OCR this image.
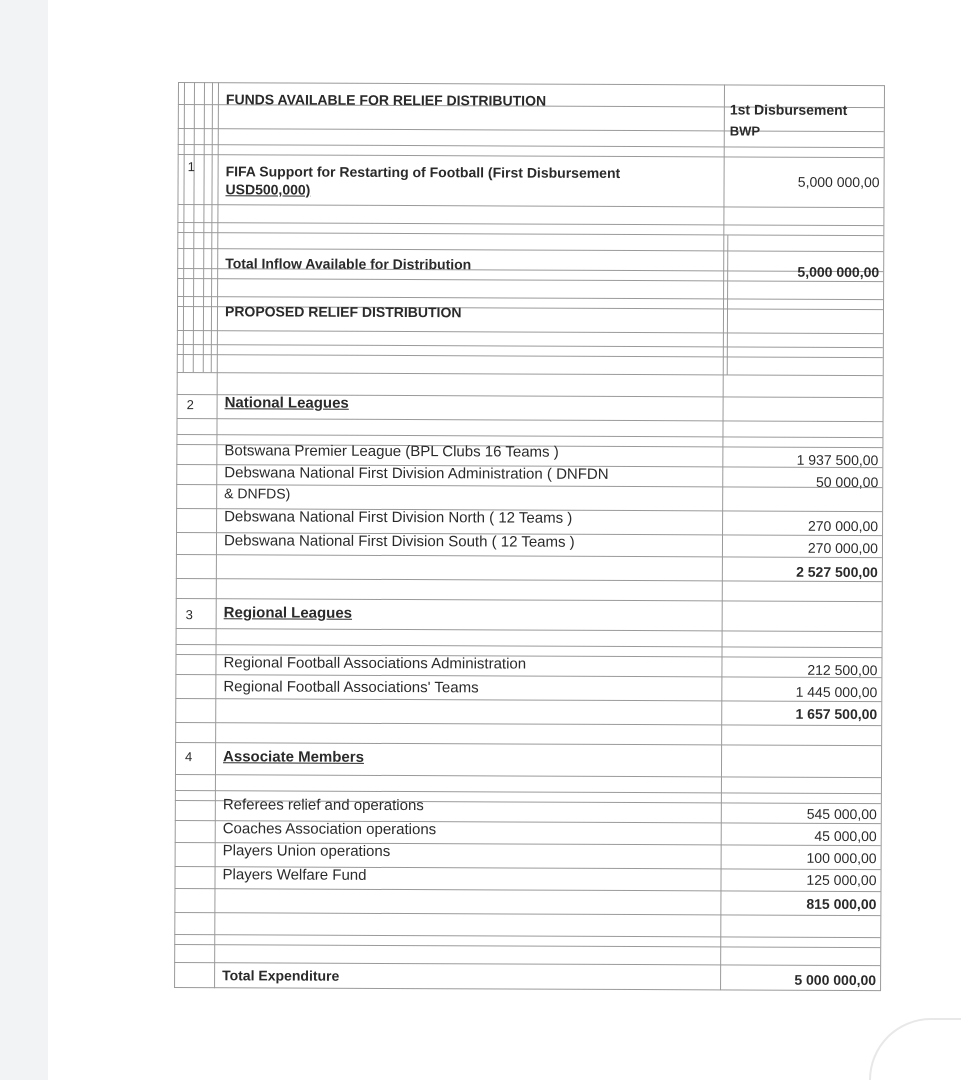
FUNDS AVAILABLE FOR RELIEF DISTRIBUTION
1st Disbursement
BWP
1 FIFA Support for Restarting of Football (First Disbursement
USD500,000)	5,000 000,00
Total Inflow Available for Distribution	5,000 000,00
PROPOSED RELIEF DISTRIBUTION
2 National Leagues
Botswana Premier League (BPL Clubs 16 Teams )	1 937 500,00
Debswana National First Division Administration ( DNFDN	50 000,00
& DNFDS)
Debswana National First Division North ( 12 Teams )	270 000,00
Debswana National First Division South ( 12 Teams )	270 000,00
2 527 500,00
3 Regional Leagues
Regional Football Associations Administration	212 500,00
Regional Football Associations' Teams	1 445 000,00
1 657 500,00
4 Associate Members
Referees relief and operations	545 000,00
Coaches Association operations	45 000,00
Players Union operations	100 000,00
Players Welfare Fund	125 000,00
815 000,00
Total Expenditure	5 000 000,00
